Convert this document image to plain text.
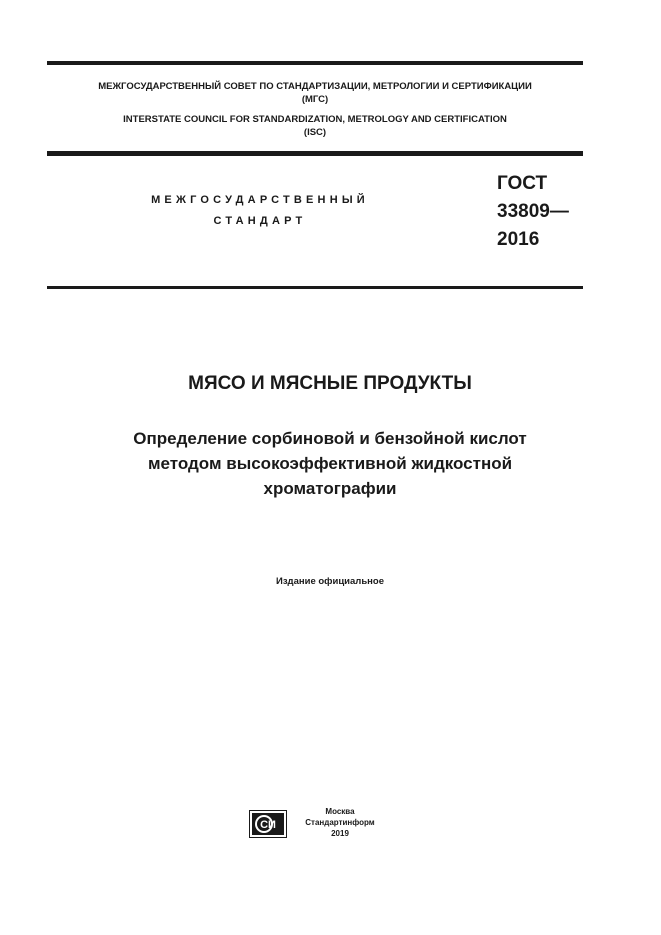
МЕЖГОСУДАРСТВЕННЫЙ СОВЕТ ПО СТАНДАРТИЗАЦИИ, МЕТРОЛОГИИ И СЕРТИФИКАЦИИ
(МГС)
INTERSTATE COUNCIL FOR STANDARDIZATION, METROLOGY AND CERTIFICATION
(ISC)
МЕЖГОСУДАРСТВЕННЫЙ
СТАНДАРТ
ГОСТ
33809—
2016
МЯСО И МЯСНЫЕ ПРОДУКТЫ
Определение сорбиновой и бензойной кислот
методом высокоэффективной жидкостной
хроматографии
Издание официальное
СИ
Москва
Стандартинформ
2019
